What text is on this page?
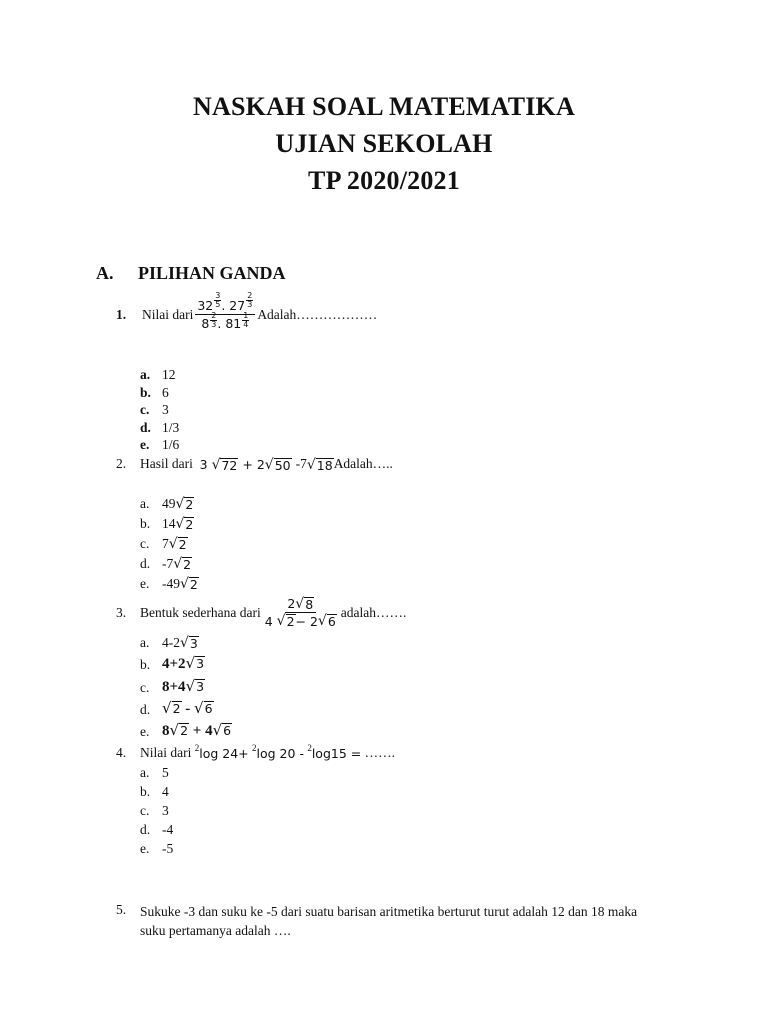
NASKAH SOAL MATEMATIKA
UJIAN SEKOLAH
TP 2020/2021
A. PILIHAN GANDA
1.	Nilai dari $\frac{32 \frac{3}{5} . 27 \frac{2}{3}}{8 \frac{2}{3} . 81 \frac{1}{4}}$ Adalah………………
a. 12
b. 6
c. 3
d. 1/3
e. 1/6
2.	Hasil dari
3
√ 72
+
2 √ 50
-7 √ 18 Adalah…..
a. 49 √ 2
b. 14 √ 2
c. 7 √ 2
d. -7 √ 2
e. -49 √ 2
3.	Bentuk sederhana dari 2 √ 8
4
√ 2 − 2 √ 6 adalah…….
a. 4-2 √ 3
b. 4+2 √ 3
c. 8+4 √ 3
d. √ 2 - √ 6
e. 8 √ 2 + 4 √ 6
4.	Nilai dari
2 log 24+
2 log 20 -
2 log15 =
…….
a. 5
b. 4
c. 3
d. -4
e. -5
5.	Sukuke -3 dan suku ke -5 dari suatu barisan aritmetika berturut turut adalah 12 dan 18 maka
suku pertamanya adalah ….
